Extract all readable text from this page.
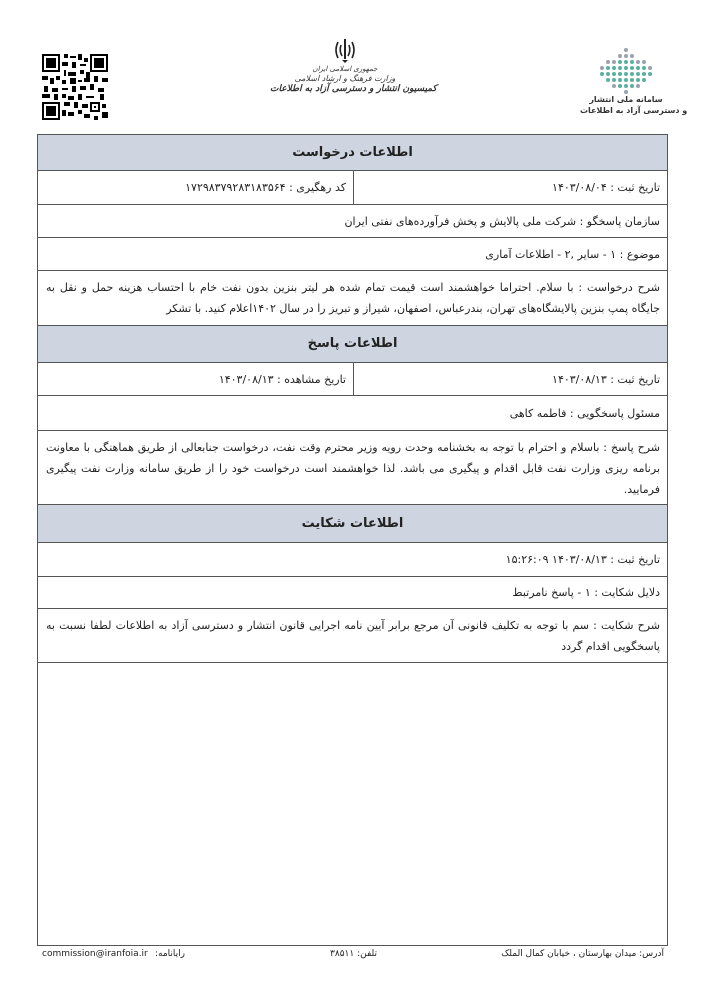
جمهوری اسلامی ایران
وزارت فرهنگ و ارشاد اسلامی
کمیسیون انتشار و دسترسی آزاد به اطلاعات
سامانه ملی انتشار
و دسترسی آزاد به اطلاعات
اطلاعات درخواست
تاریخ ثبت : ۱۴۰۳/۰۸/۰۴
کد رهگیری : ۱۷۲۹۸۳۷۹۲۸۳۱۸۳۵۶۴
سازمان پاسخگو : شرکت ملی پالایش و پخش فرآورده‌های نفتی ایران
موضوع : ۱ - سایر ,۲ - اطلاعات آماری
شرح درخواست : با سلام. احتراما خواهشمند است قیمت تمام شده هر لیتر بنزین بدون نفت خام با احتساب هزینه حمل و نقل به جایگاه پمپ بنزین پالایشگاه‌های تهران، بندرعباس، اصفهان، شیراز و تبریز را در سال ۱۴۰۲اعلام کنید. با تشکر
اطلاعات پاسخ
تاریخ ثبت : ۱۴۰۳/۰۸/۱۳
تاریخ مشاهده : ۱۴۰۳/۰۸/۱۳
مسئول پاسخگویی : فاطمه کاهی
شرح پاسخ : باسلام و احترام با توجه به بخشنامه وحدت رویه وزیر محترم وقت نفت، درخواست جنابعالی از طریق هماهنگی با معاونت برنامه ریزی وزارت نفت قابل اقدام و پیگیری می باشد. لذا خواهشمند است درخواست خود را از طریق سامانه وزارت نفت پیگیری فرمایید.
اطلاعات شکایت
تاریخ ثبت : ۱۴۰۳/۰۸/۱۳ ۱۵:۲۶:۰۹
دلایل شکایت : ۱ - پاسخ نامرتبط
شرح شکایت : سم با توجه به تکلیف قانونی آن مرجع برابر آیین نامه اجرایی قانون انتشار و دسترسی آزاد به اطلاعات لطفا نسبت به پاسخگویی اقدام گردد
آدرس: میدان بهارستان ، خیابان کمال الملک
تلفن: ۳۸۵۱۱
رایانامه:
commission@iranfoia.ir
